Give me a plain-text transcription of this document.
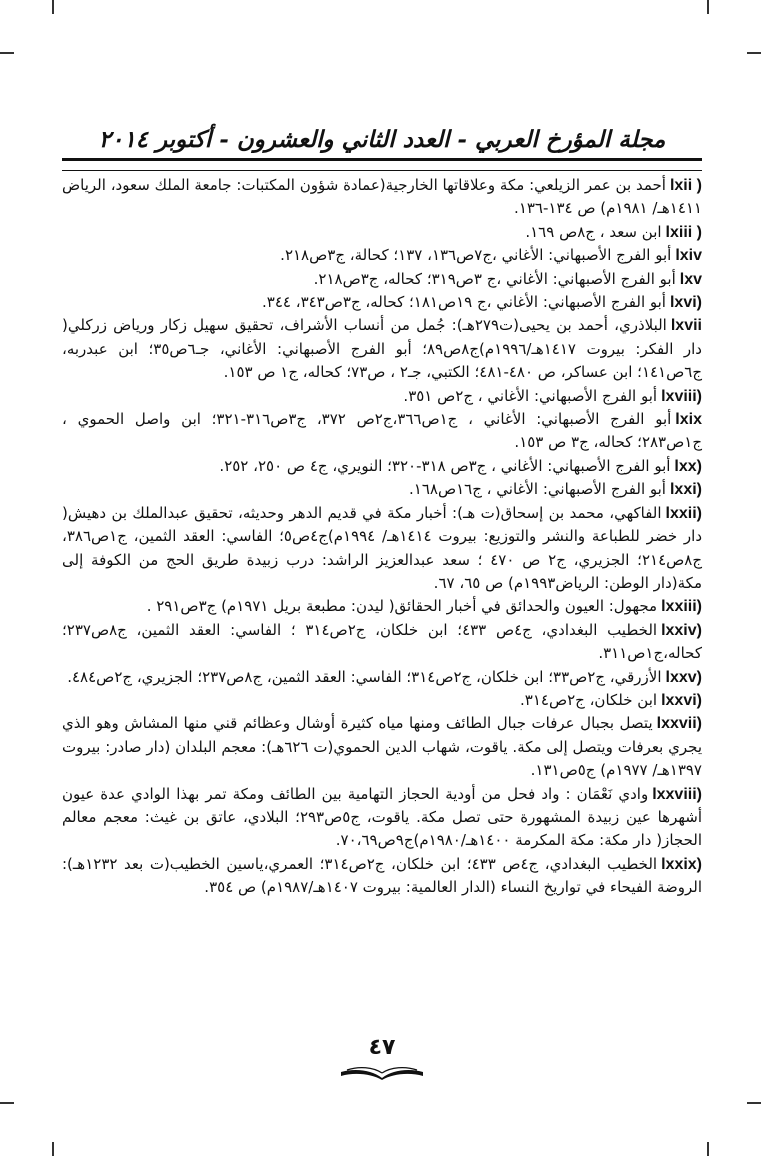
مجلة المؤرخ العربي - العدد الثاني والعشرون - أكتوبر ٢٠١٤

lxii )أحمد بن عمر الزيلعي: مكة وعلاقاتها الخارجية(عمادة شؤون المكتبات: جامعة الملك سعود، الرياض ١٤١١هـ/ ١٩٨١م) ص ١٣٤-١٣٦.

lxiii )ابن سعد ، ج٨ص ١٦٩.

lxivأبو الفرج الأصبهاني: الأغاني ،ج٧ص١٣٦، ١٣٧؛ كحالة، ج٣ص٢١٨.

lxvأبو الفرج الأصبهاني: الأغاني ،ج ٣ص٣١٩؛ كحاله، ج٣ص٢١٨.

lxvi)أبو الفرج الأصبهاني: الأغاني ،ج ١٩ص١٨١؛ كحاله، ج٣ص٣٤٣، ٣٤٤.

lxviiالبلاذري، أحمد بن يحيى(ت٢٧٩هـ): جُمل من أنساب الأشراف، تحقيق سهيل زكار ورياض زركلي( دار الفكر: بيروت ١٤١٧هـ/١٩٩٦م)ج٨ص٨٩؛ أبو الفرج الأصبهاني: الأغاني، جـ٦ص٣٥؛ ابن عبدربه، ج٦ص١٤١؛ ابن عساكر، ص ٤٨٠-٤٨١؛ الكتبي، جـ٢ ، ص٧٣؛ كحاله، ج١ ص ١٥٣.

lxviii)أبو الفرج الأصبهاني: الأغاني ، ج٢ص ٣٥١.

lxixأبو الفرج الأصبهاني: الأغاني ، ج١ص٣٦٦،ج٢ص ٣٧٢، ج٣ص٣١٦-٣٢١؛ ابن واصل الحموي ، ج١ص٢٨٣؛ كحاله، ج٣ ص ١٥٣.

lxx)أبو الفرج الأصبهاني: الأغاني ، ج٣ص ٣١٨-٣٢٠؛ النويري، ج٤ ص ٢٥٠، ٢٥٢.

lxxi)أبو الفرج الأصبهاني: الأغاني ، ج١٦ص١٦٨.

lxxii)الفاكهي، محمد بن إسحاق(ت هـ): أخبار مكة في قديم الدهر وحديثه، تحقيق عبدالملك بن دهيش( دار خضر للطباعة والنشر والتوزيع: بيروت ١٤١٤هـ/ ١٩٩٤م)ج٤ص٥؛ الفاسي: العقد الثمين، ج١ص٣٨٦، ج٨ص٢١٤؛ الجزيري، ج٢ ص ٤٧٠ ؛ سعد عبدالعزيز الراشد: درب زبيدة طريق الحج من الكوفة إلى مكة(دار الوطن: الرياض١٩٩٣م) ص ٦٥، ٦٧.

lxxiii)مجهول: العيون والحدائق في أخبار الحقائق( ليدن: مطبعة بريل ١٩٧١م) ج٣ص٢٩١ .

lxxiv)الخطيب البغدادي، ج٤ص ٤٣٣؛ ابن خلكان، ج٢ص٣١٤ ؛ الفاسي: العقد الثمين، ج٨ص٢٣٧؛ كحاله،ج١ص٣١١.

lxxv)الأزرقي، ج٢ص٣٣؛ ابن خلكان، ج٢ص٣١٤؛ الفاسي: العقد الثمين، ج٨ص٢٣٧؛ الجزيري، ج٢ص٤٨٤.

lxxvi)ابن خلكان، ج٢ص٣١٤.

lxxvii)يتصل بجبال عرفات جبال الطائف ومنها مياه كثيرة أوشال وعظائم قني منها المشاش وهو الذي يجري بعرفات ويتصل إلى مكة. ياقوت، شهاب الدين الحموي(ت ٦٢٦هـ): معجم البلدان (دار صادر: بيروت ١٣٩٧هـ/ ١٩٧٧م) ج٥ص١٣١.

lxxviii)وادي نَعْمَان : واد فحل من أودية الحجاز التهامية بين الطائف ومكة تمر بهذا الوادي عدة عيون أشهرها عين زبيدة المشهورة حتى تصل مكة. ياقوت، ج٥ص٢٩٣؛ البلادي، عاتق بن غيث: معجم معالم الحجاز( دار مكة: مكة المكرمة ١٤٠٠هـ/١٩٨٠م)ج٩ص٧٠،٦٩.

lxxix)الخطيب البغدادي، ج٤ص ٤٣٣؛ ابن خلكان، ج٢ص٣١٤؛ العمري،ياسين الخطيب(ت بعد ١٢٣٢هـ): الروضة الفيحاء في تواريخ النساء (الدار العالمية: بيروت ١٤٠٧هـ/١٩٨٧م) ص ٣٥٤.

٤٧
